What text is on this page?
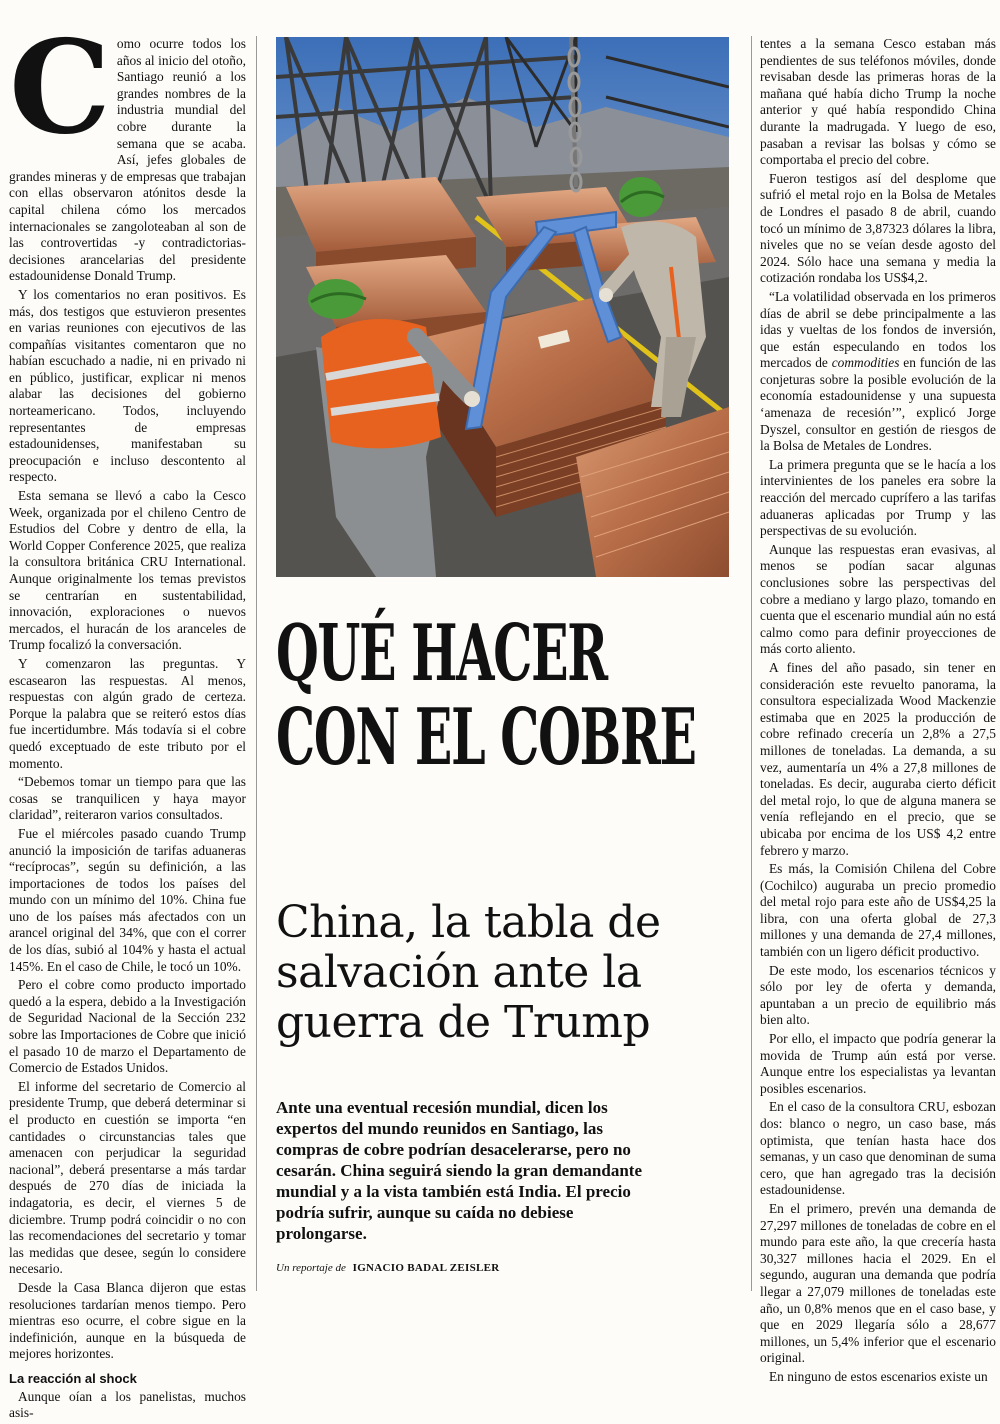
Como ocurre todos los años al inicio del otoño, Santiago reunió a los grandes nombres de la industria mundial del cobre durante la semana que se acaba. Así, jefes globales de grandes mineras y de empresas que trabajan con ellas observaron atónitos desde la capital chilena cómo los mercados internacionales se zangoloteaban al son de las controvertidas -y contradictorias- decisiones arancelarias del presidente estadounidense Donald Trump.

Y los comentarios no eran positivos. Es más, dos testigos que estuvieron presentes en varias reuniones con ejecutivos de las compañías visitantes comentaron que no habían escuchado a nadie, ni en privado ni en público, justificar, explicar ni menos alabar las decisiones del gobierno norteamericano. Todos, incluyendo representantes de empresas estadounidenses, manifestaban su preocupación e incluso descontento al respecto.

Esta semana se llevó a cabo la Cesco Week, organizada por el chileno Centro de Estudios del Cobre y dentro de ella, la World Copper Conference 2025, que realiza la consultora británica CRU International. Aunque originalmente los temas previstos se centrarían en sustentabilidad, innovación, exploraciones o nuevos mercados, el huracán de los aranceles de Trump focalizó la conversación.

Y comenzaron las preguntas. Y escasearon las respuestas. Al menos, respuestas con algún grado de certeza. Porque la palabra que se reiteró estos días fue incertidumbre. Más todavía si el cobre quedó exceptuado de este tributo por el momento.

“Debemos tomar un tiempo para que las cosas se tranquilicen y haya mayor claridad”, reiteraron varios consultados.

Fue el miércoles pasado cuando Trump anunció la imposición de tarifas aduaneras “recíprocas”, según su definición, a las importaciones de todos los países del mundo con un mínimo del 10%. China fue uno de los países más afectados con un arancel original del 34%, que con el correr de los días, subió al 104% y hasta el actual 145%. En el caso de Chile, le tocó un 10%.

Pero el cobre como producto importado quedó a la espera, debido a la Investigación de Seguridad Nacional de la Sección 232 sobre las Importaciones de Cobre que inició el pasado 10 de marzo el Departamento de Comercio de Estados Unidos.

El informe del secretario de Comercio al presidente Trump, que deberá determinar si el producto en cuestión se importa “en cantidades o circunstancias tales que amenacen con perjudicar la seguridad nacional”, deberá presentarse a más tardar después de 270 días de iniciada la indagatoria, es decir, el viernes 5 de diciembre. Trump podrá coincidir o no con las recomendaciones del secretario y tomar las medidas que desee, según lo considere necesario.

Desde la Casa Blanca dijeron que estas resoluciones tardarían menos tiempo. Pero mientras eso ocurre, el cobre sigue en la indefinición, aunque en la búsqueda de mejores horizontes.

La reacción al shock

Aunque oían a los panelistas, muchos asis-

QUÉ HACER
CON EL COBRE
China, la tabla de salvación ante la guerra de Trump
Ante una eventual recesión mundial, dicen los expertos del mundo reunidos en Santiago, las compras de cobre podrían desacelerarse, pero no cesarán. China seguirá siendo la gran demandante mundial y a la vista también está India. El precio podría sufrir, aunque su caída no debiese prolongarse.
Un reportaje de IGNACIO BADAL ZEISLER

tentes a la semana Cesco estaban más pendientes de sus teléfonos móviles, donde revisaban desde las primeras horas de la mañana qué había dicho Trump la noche anterior y qué había respondido China durante la madrugada. Y luego de eso, pasaban a revisar las bolsas y cómo se comportaba el precio del cobre.

Fueron testigos así del desplome que sufrió el metal rojo en la Bolsa de Metales de Londres el pasado 8 de abril, cuando tocó un mínimo de 3,87323 dólares la libra, niveles que no se veían desde agosto del 2024. Sólo hace una semana y media la cotización rondaba los US$4,2.

“La volatilidad observada en los primeros días de abril se debe principalmente a las idas y vueltas de los fondos de inversión, que están especulando en todos los mercados de commodities en función de las conjeturas sobre la posible evolución de la economía estadounidense y una supuesta ‘amenaza de recesión’”, explicó Jorge Dyszel, consultor en gestión de riesgos de la Bolsa de Metales de Londres.

La primera pregunta que se le hacía a los intervinientes de los paneles era sobre la reacción del mercado cuprífero a las tarifas aduaneras aplicadas por Trump y las perspectivas de su evolución.

Aunque las respuestas eran evasivas, al menos se podían sacar algunas conclusiones sobre las perspectivas del cobre a mediano y largo plazo, tomando en cuenta que el escenario mundial aún no está calmo como para definir proyecciones de más corto aliento.

A fines del año pasado, sin tener en consideración este revuelto panorama, la consultora especializada Wood Mackenzie estimaba que en 2025 la producción de cobre refinado crecería un 2,8% a 27,5 millones de toneladas. La demanda, a su vez, aumentaría un 4% a 27,8 millones de toneladas. Es decir, auguraba cierto déficit del metal rojo, lo que de alguna manera se venía reflejando en el precio, que se ubicaba por encima de los US$ 4,2 entre febrero y marzo.

Es más, la Comisión Chilena del Cobre (Cochilco) auguraba un precio promedio del metal rojo para este año de US$4,25 la libra, con una oferta global de 27,3 millones y una demanda de 27,4 millones, también con un ligero déficit productivo.

De este modo, los escenarios técnicos y sólo por ley de oferta y demanda, apuntaban a un precio de equilibrio más bien alto.

Por ello, el impacto que podría generar la movida de Trump aún está por verse. Aunque entre los especialistas ya levantan posibles escenarios.

En el caso de la consultora CRU, esbozan dos: blanco o negro, un caso base, más optimista, que tenían hasta hace dos semanas, y un caso que denominan de suma cero, que han agregado tras la decisión estadounidense.

En el primero, prevén una demanda de 27,297 millones de toneladas de cobre en el mundo para este año, la que crecería hasta 30,327 millones hacia el 2029. En el segundo, auguran una demanda que podría llegar a 27,079 millones de toneladas este año, un 0,8% menos que en el caso base, y que en 2029 llegaría sólo a 28,677 millones, un 5,4% inferior que el escenario original.

En ninguno de estos escenarios existe un
